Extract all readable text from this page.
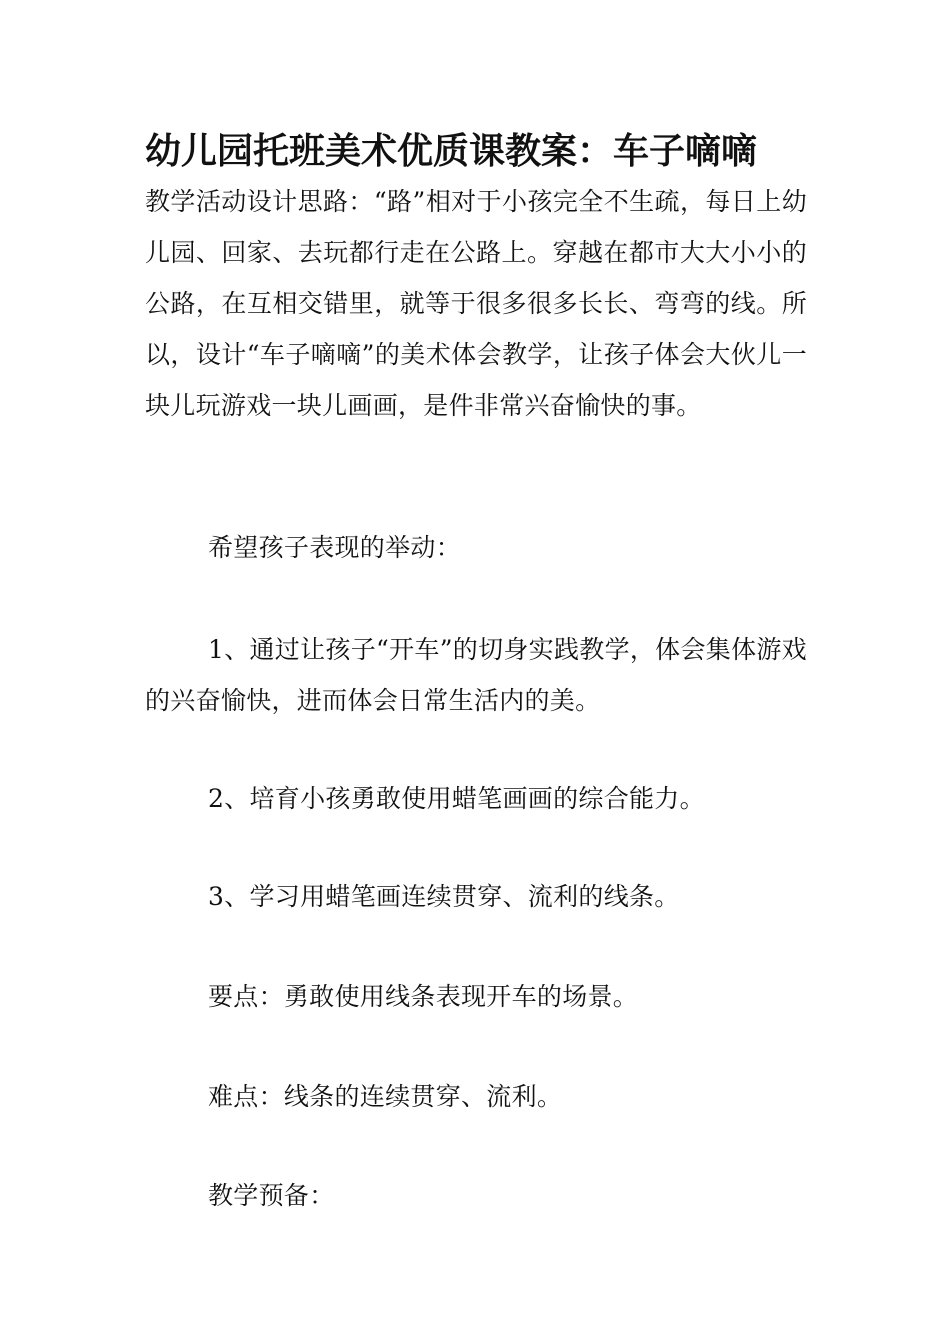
幼儿园托班美术优质课教案：车子嘀嘀
教学活动设计思路：“路”相对于小孩完全不生疏，每日上幼儿园、回家、去玩都行走在公路上。穿越在都市大大小小的公路，在互相交错里，就等于很多很多长长、弯弯的线。所以，设计“车子嘀嘀”的美术体会教学，让孩子体会大伙儿一块儿玩游戏一块儿画画，是件非常兴奋愉快的事。
希望孩子表现的举动：
1、通过让孩子“开车”的切身实践教学，体会集体游戏的兴奋愉快，进而体会日常生活内的美。
2、培育小孩勇敢使用蜡笔画画的综合能力。
3、学习用蜡笔画连续贯穿、流利的线条。
要点：勇敢使用线条表现开车的场景。
难点：线条的连续贯穿、流利。
教学预备：
